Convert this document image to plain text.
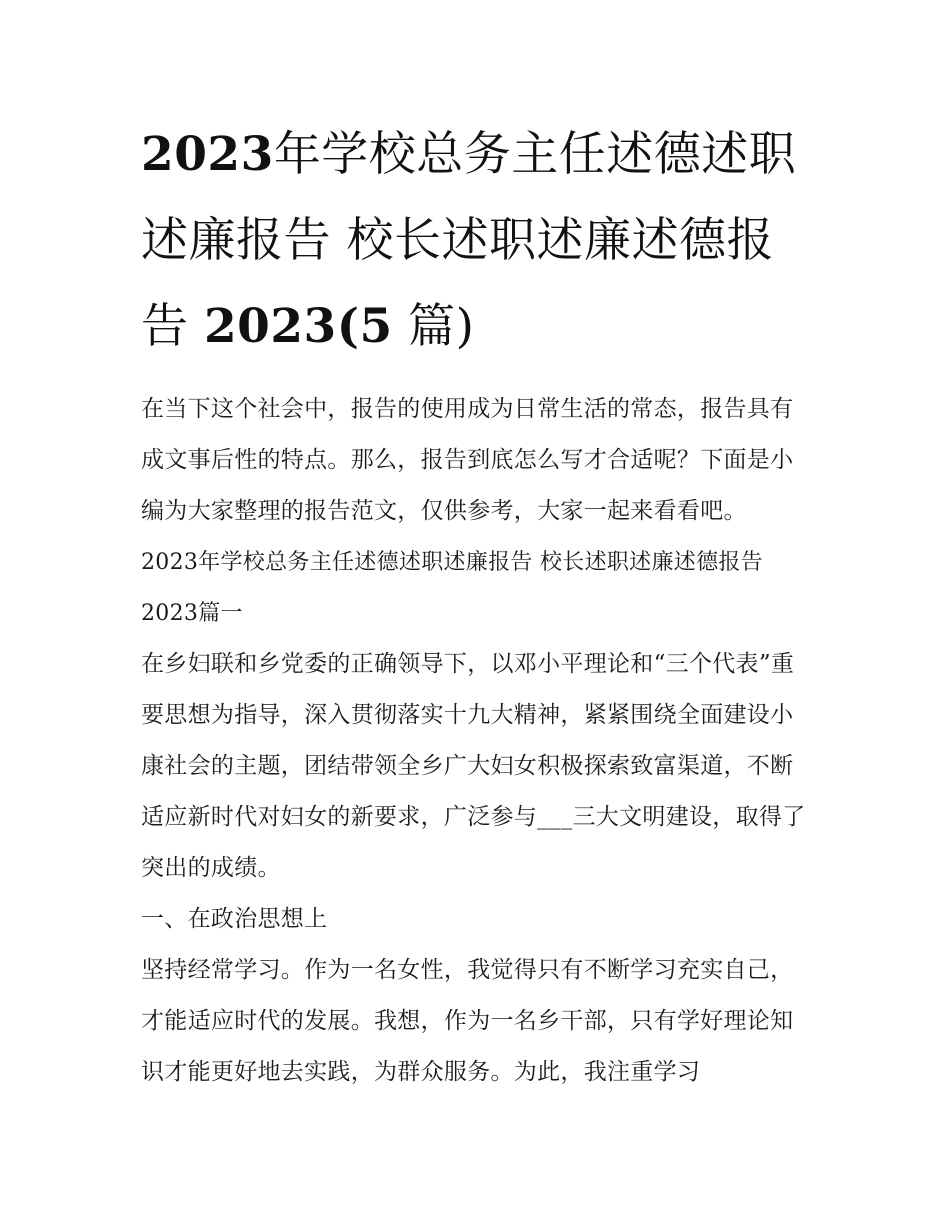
2023年学校总务主任述德述职述廉报告 校长述职述廉述德报告 2023(5 篇)

在当下这个社会中，报告的使用成为日常生活的常态，报告具有成文事后性的特点。那么，报告到底怎么写才合适呢？下面是小编为大家整理的报告范文，仅供参考，大家一起来看看吧。

2023年学校总务主任述德述职述廉报告 校长述职述廉述德报告2023篇一

在乡妇联和乡党委的正确领导下，以邓小平理论和“三个代表”重要思想为指导，深入贯彻落实十九大精神，紧紧围绕全面建设小康社会的主题，团结带领全乡广大妇女积极探索致富渠道，不断适应新时代对妇女的新要求，广泛参与___三大文明建设，取得了突出的成绩。

一、在政治思想上

坚持经常学习。作为一名女性，我觉得只有不断学习充实自己，才能适应时代的发展。我想，作为一名乡干部，只有学好理论知识才能更好地去实践，为群众服务。为此，我注重学习
